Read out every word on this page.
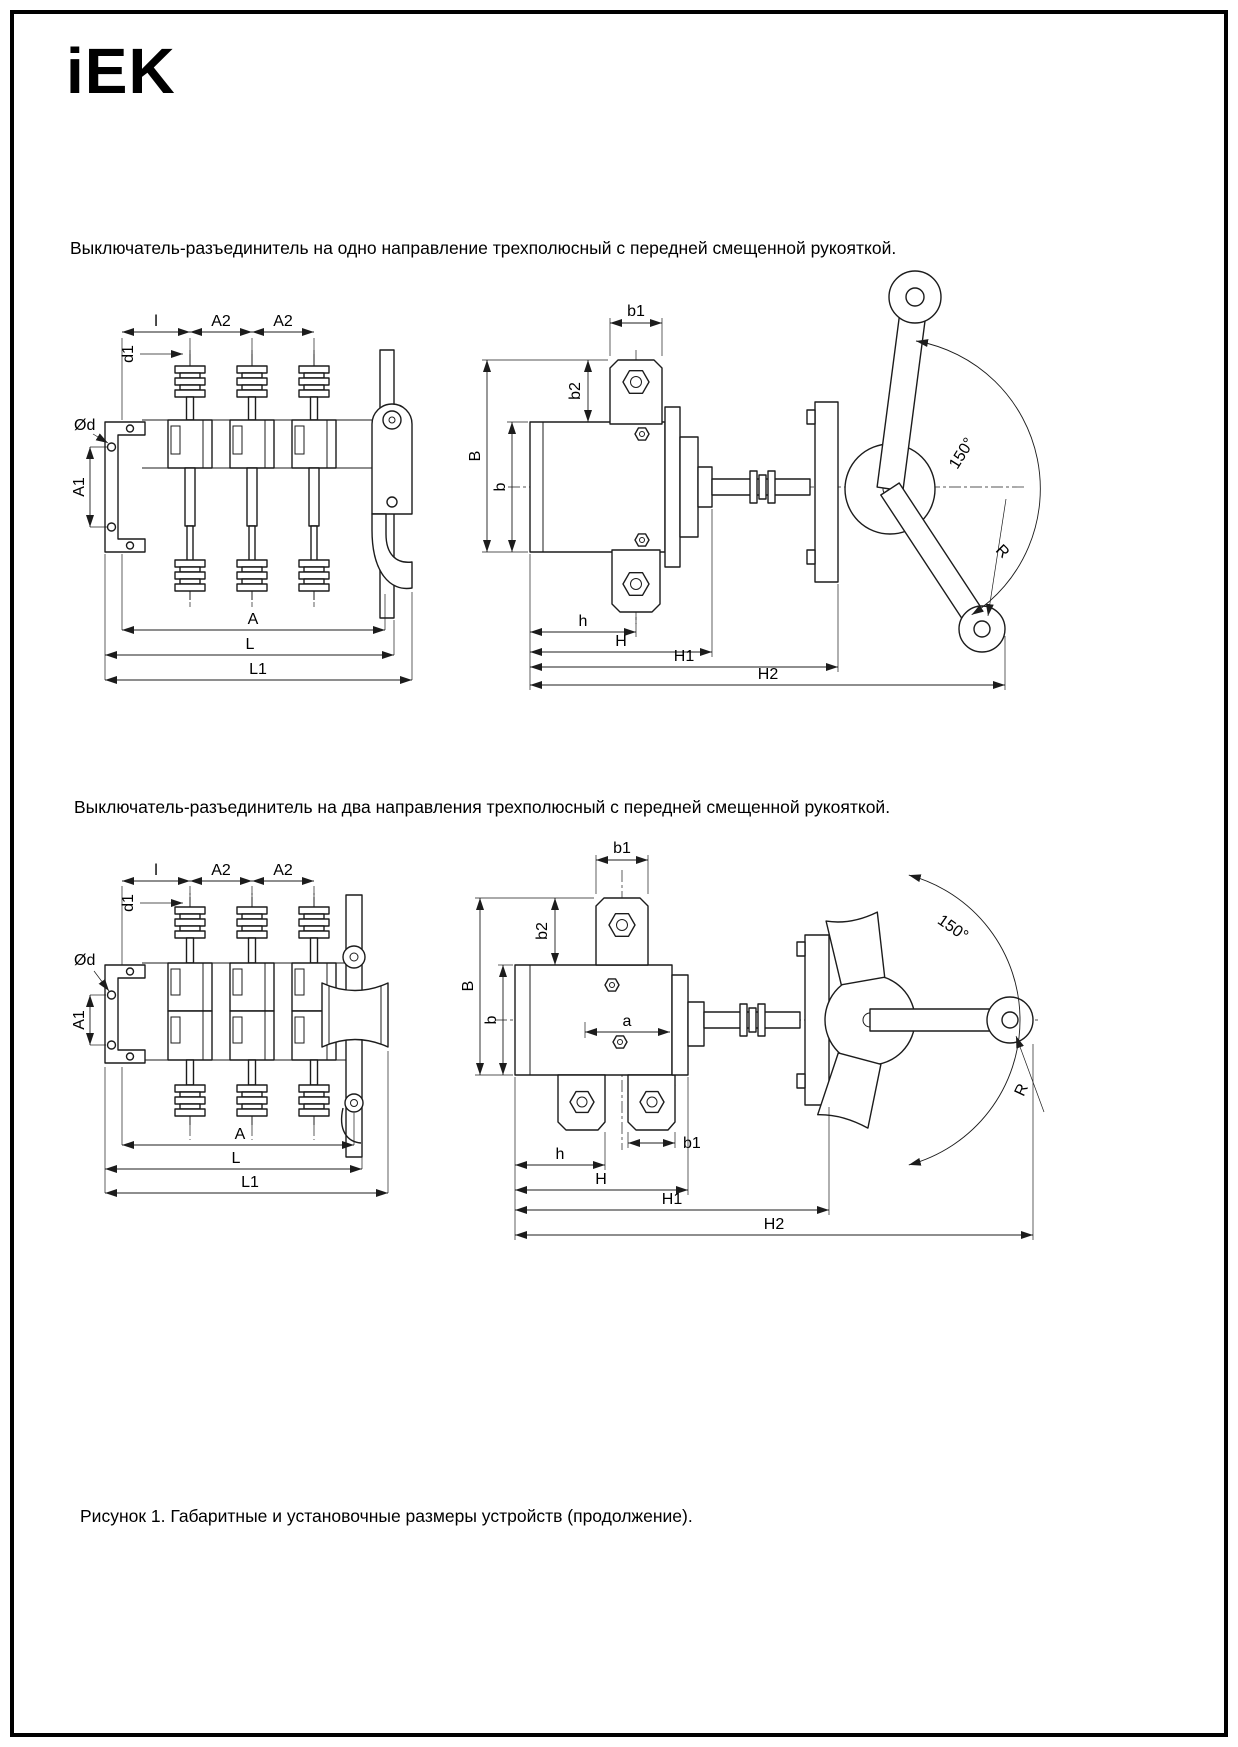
iEK

Выключатель-разъединитель на одно направление трехполюсный с передней смещенной рукояткой.

Выключатель-разъединитель на два направления трехполюсный с передней смещенной рукояткой.

Рисунок 1. Габаритные и установочные размеры устройств (продолжение).

l	A2	A2
d1
Ød
A1
A
L
L1
150°
R
b1
b2
B
b
h
H
H1
H2
l	A2	A2
d1
Ød
A1
A
L
L1
150°
R
b1
b2
B
b	a
b1
h
H
H1
H2
